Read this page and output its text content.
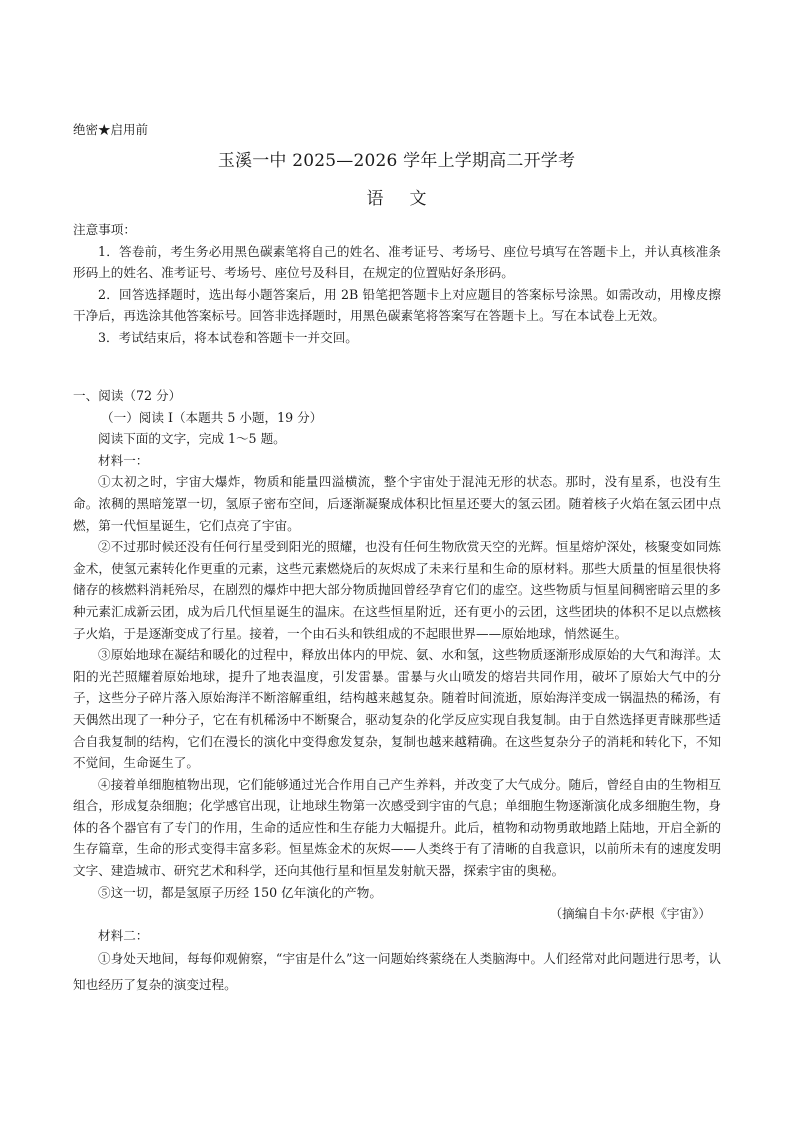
绝密★启用前
玉溪一中 2025—2026 学年上学期高二开学考
语文

注意事项：

1．答卷前，考生务必用黑色碳素笔将自己的姓名、准考证号、考场号、座位号填写在答题卡上，并认真核准条形码上的姓名、准考证号、考场号、座位号及科目，在规定的位置贴好条形码。

2．回答选择题时，选出每小题答案后，用 2B 铅笔把答题卡上对应题目的答案标号涂黑。如需改动，用橡皮擦干净后，再选涂其他答案标号。回答非选择题时，用黑色碳素笔将答案写在答题卡上。写在本试卷上无效。

3．考试结束后，将本试卷和答题卡一并交回。

一、阅读（72 分）

（一）阅读 I（本题共 5 小题，19 分）

阅读下面的文字，完成 1～5 题。

材料一：

①太初之时，宇宙大爆炸，物质和能量四溢横流，整个宇宙处于混沌无形的状态。那时，没有星系，也没有生命。浓稠的黑暗笼罩一切，氢原子密布空间，后逐渐凝聚成体积比恒星还要大的氢云团。随着核子火焰在氢云团中点燃，第一代恒星诞生，它们点亮了宇宙。

②不过那时候还没有任何行星受到阳光的照耀，也没有任何生物欣赏天空的光辉。恒星熔炉深处，核聚变如同炼金术，使氢元素转化作更重的元素，这些元素燃烧后的灰烬成了未来行星和生命的原材料。那些大质量的恒星很快将储存的核燃料消耗殆尽，在剧烈的爆炸中把大部分物质抛回曾经孕育它们的虚空。这些物质与恒星间稠密暗云里的多种元素汇成新云团，成为后几代恒星诞生的温床。在这些恒星附近，还有更小的云团，这些团块的体积不足以点燃核子火焰，于是逐渐变成了行星。接着，一个由石头和铁组成的不起眼世界——原始地球，悄然诞生。

③原始地球在凝结和暖化的过程中，释放出体内的甲烷、氨、水和氢，这些物质逐渐形成原始的大气和海洋。太阳的光芒照耀着原始地球，提升了地表温度，引发雷暴。雷暴与火山喷发的熔岩共同作用，破坏了原始大气中的分子，这些分子碎片落入原始海洋不断溶解重组，结构越来越复杂。随着时间流逝，原始海洋变成一锅温热的稀汤，有天偶然出现了一种分子，它在有机稀汤中不断聚合，驱动复杂的化学反应实现自我复制。由于自然选择更青睐那些适合自我复制的结构，它们在漫长的演化中变得愈发复杂，复制也越来越精确。在这些复杂分子的消耗和转化下，不知不觉间，生命诞生了。

④接着单细胞植物出现，它们能够通过光合作用自己产生养料，并改变了大气成分。随后，曾经自由的生物相互组合，形成复杂细胞；化学感官出现，让地球生物第一次感受到宇宙的气息；单细胞生物逐渐演化成多细胞生物，身体的各个器官有了专门的作用，生命的适应性和生存能力大幅提升。此后，植物和动物勇敢地踏上陆地，开启全新的生存篇章，生命的形式变得丰富多彩。恒星炼金术的灰烬——人类终于有了清晰的自我意识，以前所未有的速度发明文字、建造城市、研究艺术和科学，还向其他行星和恒星发射航天器，探索宇宙的奥秘。

⑤这一切，都是氢原子历经 150 亿年演化的产物。

（摘编自卡尔·萨根《宇宙》）

材料二：

①身处天地间，每每仰观俯察，“宇宙是什么”这一问题始终萦绕在人类脑海中。人们经常对此问题进行思考，认知也经历了复杂的演变过程。
